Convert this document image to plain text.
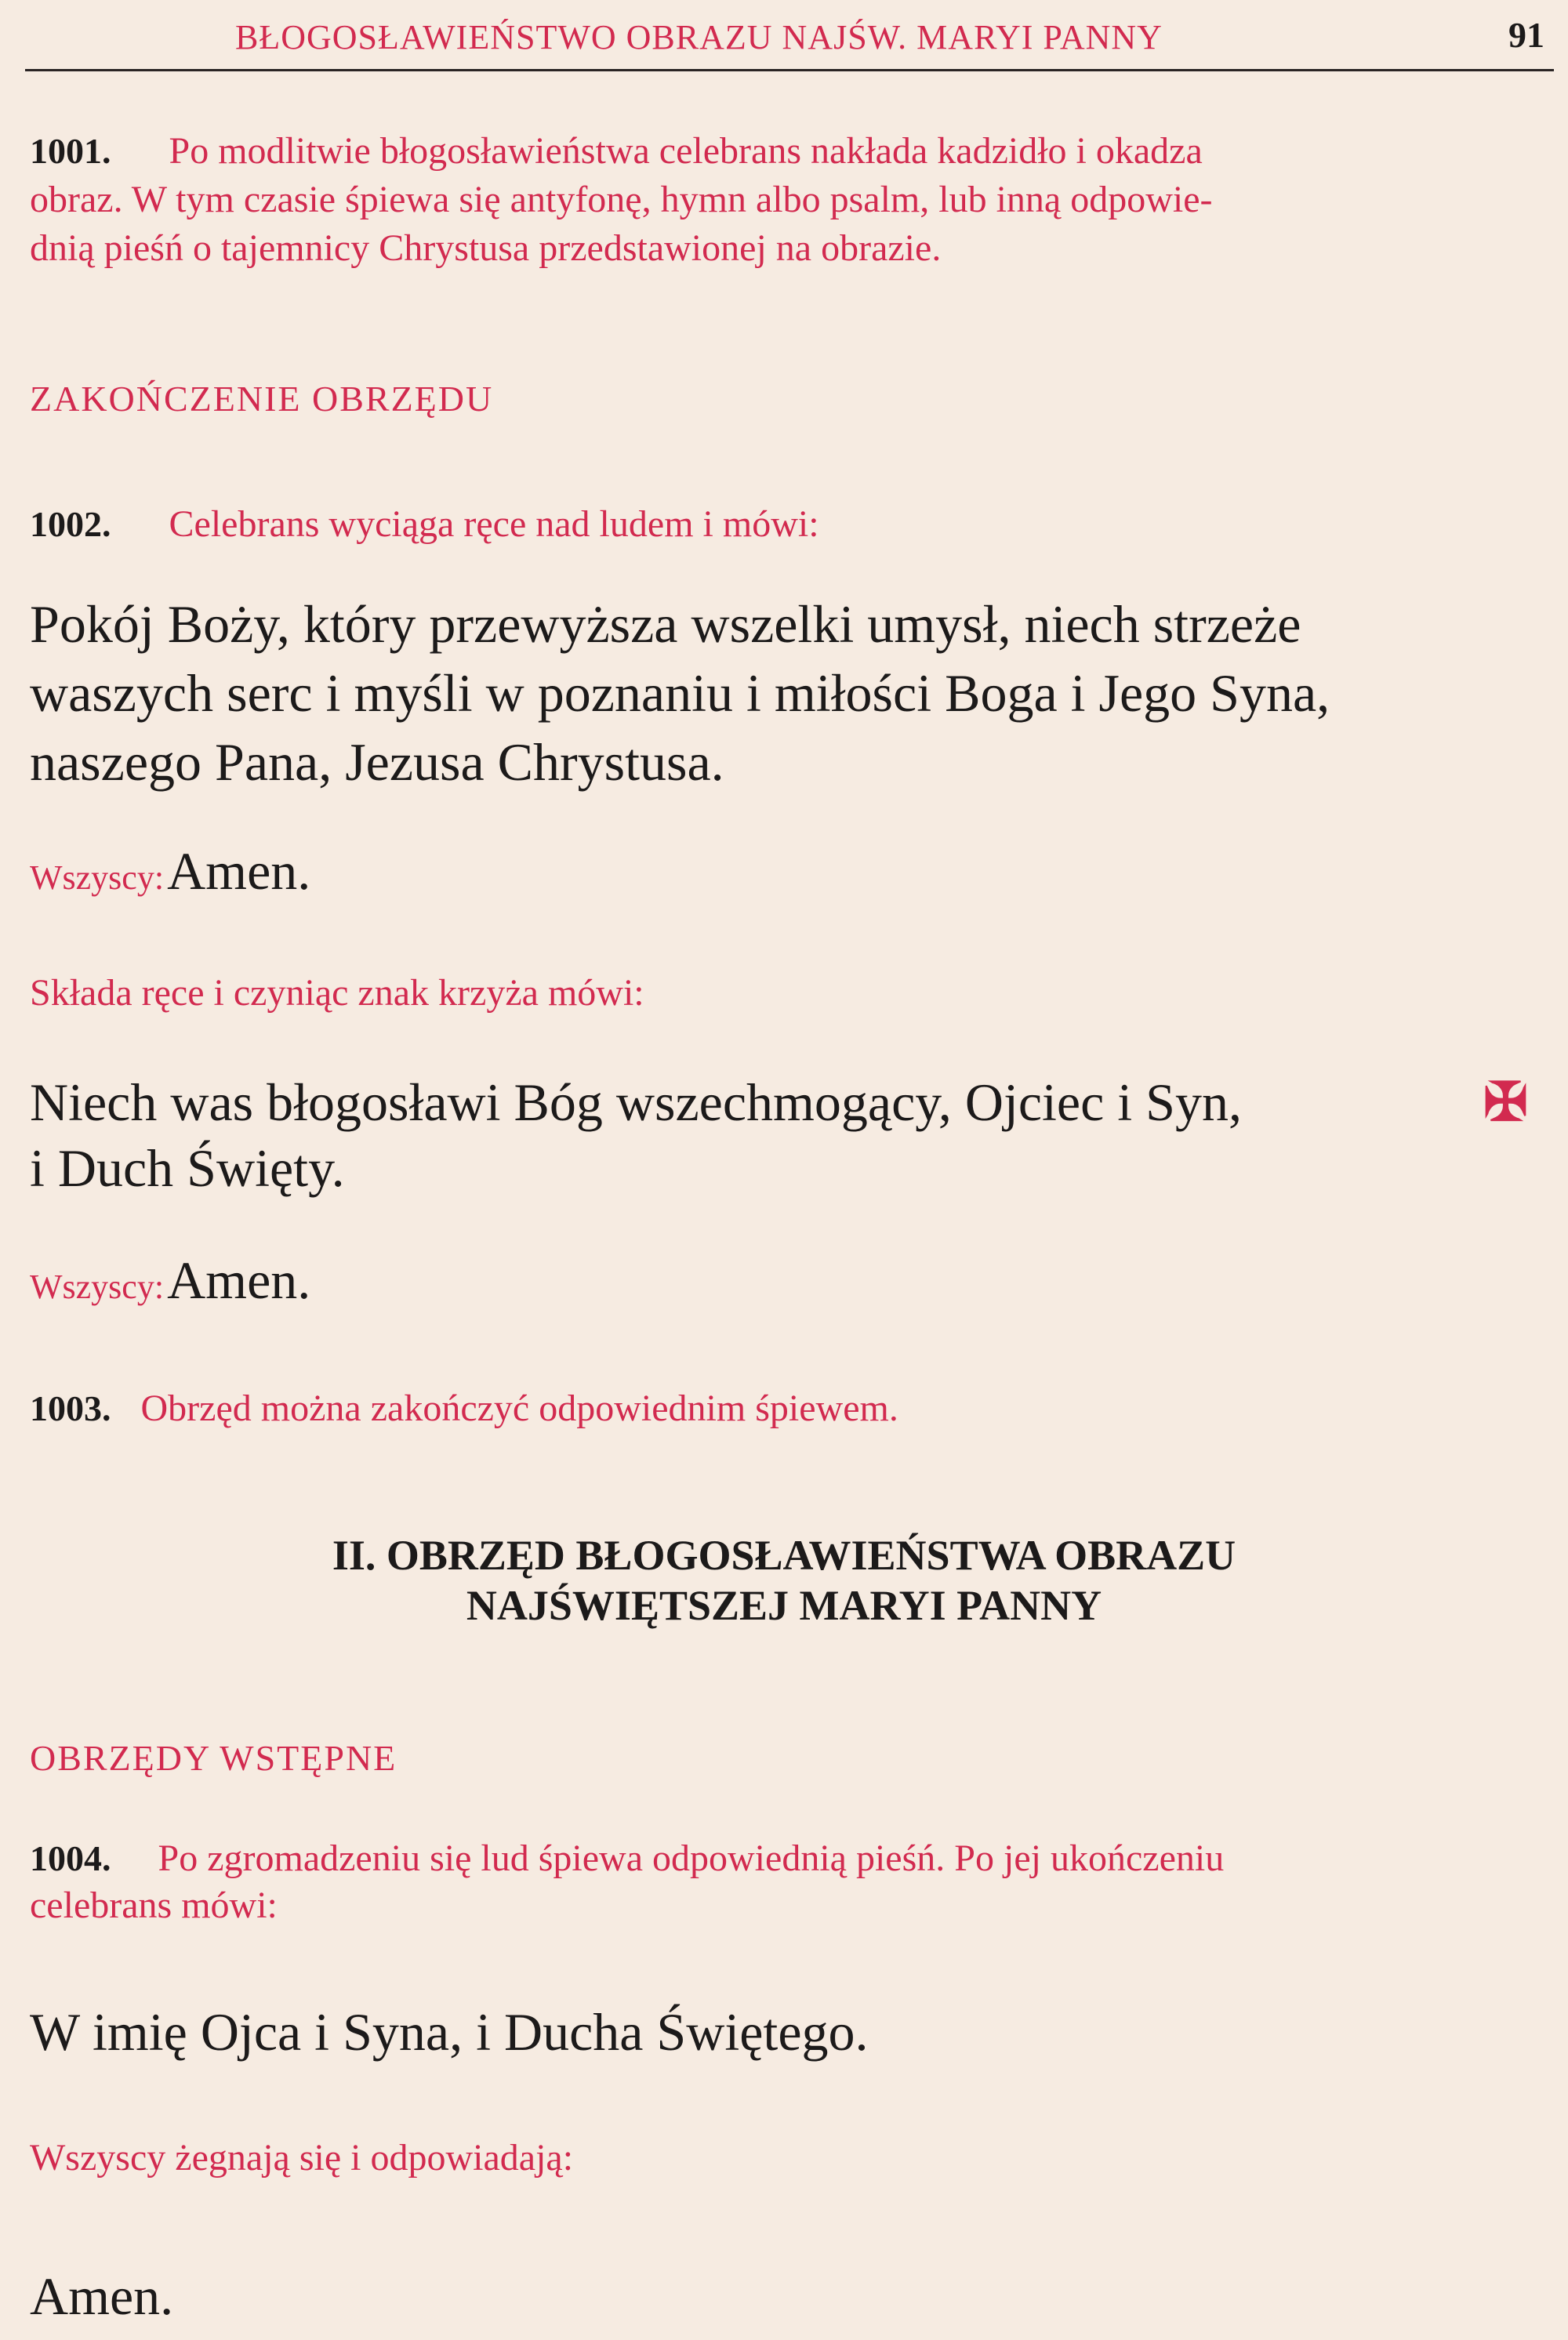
BŁOGOSŁAWIEŃSTWO OBRAZU NAJŚW. MARYI PANNY	91
1001. Po modlitwie błogosławieństwa celebrans nakłada kadzidło i okadza
obraz. W tym czasie śpiewa się antyfonę, hymn albo psalm, lub inną odpowie-
dnią pieśń o tajemnicy Chrystusa przedstawionej na obrazie.
ZAKOŃCZENIE OBRZĘDU
1002. Celebrans wyciąga ręce nad ludem i mówi:
Pokój Boży, który przewyższa wszelki umysł, niech strzeże
waszych serc i myśli w poznaniu i miłości Boga i Jego Syna,
naszego Pana, Jezusa Chrystusa.
Wszyscy: Amen.
Składa ręce i czyniąc znak krzyża mówi:
Niech was błogosławi Bóg wszechmogący, Ojciec i Syn,	✠
i Duch Święty.
Wszyscy: Amen.
1003. Obrzęd można zakończyć odpowiednim śpiewem.
II. OBRZĘD BŁOGOSŁAWIEŃSTWA OBRAZU
NAJŚWIĘTSZEJ MARYI PANNY
OBRZĘDY WSTĘPNE
1004. Po zgromadzeniu się lud śpiewa odpowiednią pieśń. Po jej ukończeniu
celebrans mówi:
W imię Ojca i Syna, i Ducha Świętego.
Wszyscy żegnają się i odpowiadają:
Amen.
